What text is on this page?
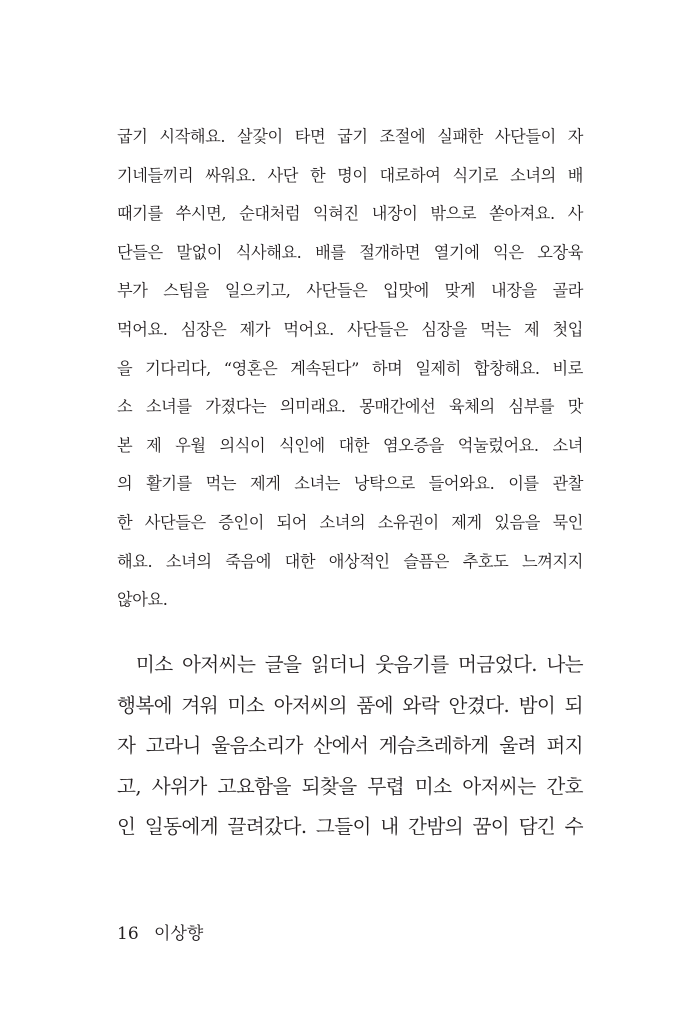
굽기 시작해요. 살갗이 타면 굽기 조절에 실패한 사단들이 자
기네들끼리 싸워요. 사단 한 명이 대로하여 식기로 소녀의 배
때기를 쑤시면, 순대처럼 익혀진 내장이 밖으로 쏟아져요. 사
단들은 말없이 식사해요. 배를 절개하면 열기에 익은 오장육
부가 스팀을 일으키고, 사단들은 입맛에 맞게 내장을 골라
먹어요. 심장은 제가 먹어요. 사단들은 심장을 먹는 제 첫입
을 기다리다, “영혼은 계속된다” 하며 일제히 합창해요. 비로
소 소녀를 가졌다는 의미래요. 몽매간에선 육체의 심부를 맛
본 제 우월 의식이 식인에 대한 염오증을 억눌렀어요. 소녀
의 활기를 먹는 제게 소녀는 낭탁으로 들어와요. 이를 관찰
한 사단들은 증인이 되어 소녀의 소유권이 제게 있음을 묵인
해요. 소녀의 죽음에 대한 애상적인 슬픔은 추호도 느껴지지
않아요.
미소 아저씨는 글을 읽더니 웃음기를 머금었다. 나는
행복에 겨워 미소 아저씨의 품에 와락 안겼다. 밤이 되
자 고라니 울음소리가 산에서 게슴츠레하게 울려 퍼지
고, 사위가 고요함을 되찾을 무렵 미소 아저씨는 간호
인 일동에게 끌려갔다. 그들이 내 간밤의 꿈이 담긴 수
16 이상향
